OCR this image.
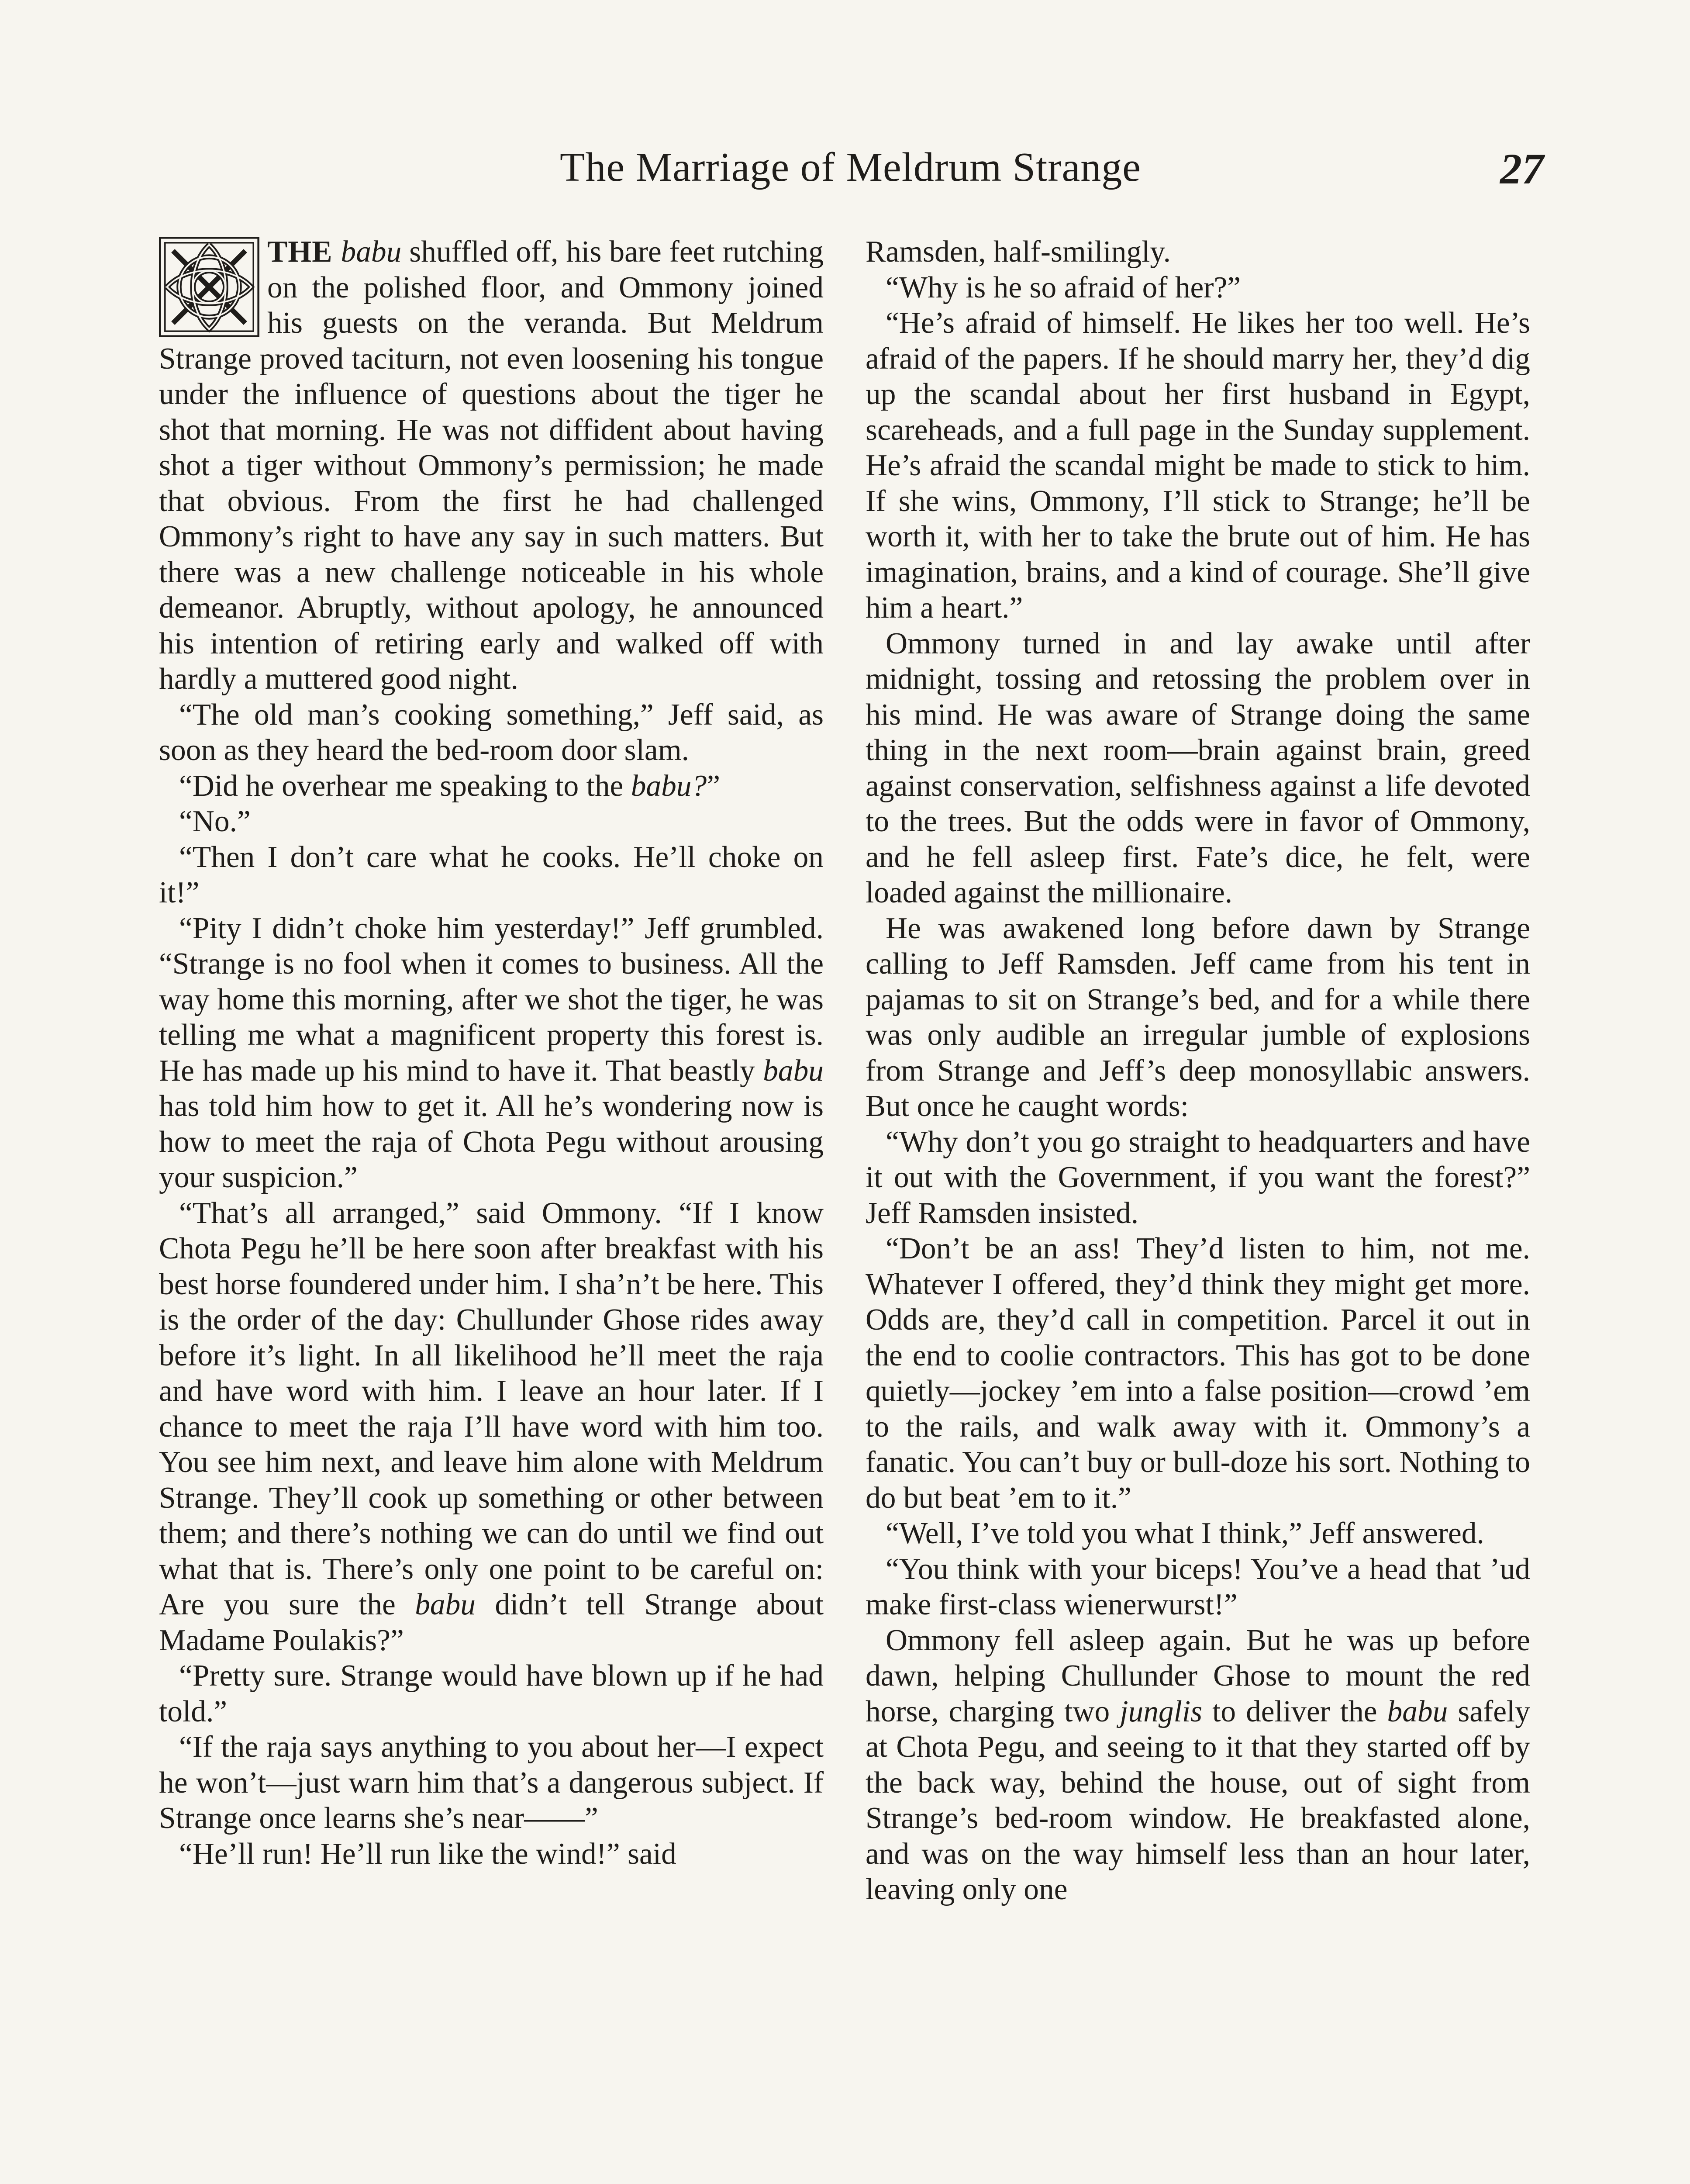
The Marriage of Meldrum Strange	27

THE babu shuffled off, his bare feet rutching on the polished floor, and Ommony joined his guests on the veranda. But Meldrum Strange proved taciturn, not even loosening his tongue under the influence of questions about the tiger he shot that morning. He was not diffident about having shot a tiger without Ommony’s permission; he made that obvious. From the first he had challenged Ommony’s right to have any say in such matters. But there was a new challenge noticeable in his whole demeanor. Abruptly, without apology, he announced his intention of retiring early and walked off with hardly a muttered good night.

“The old man’s cooking something,” Jeff said, as soon as they heard the bed-room door slam.

“Did he overhear me speaking to the babu?”

“No.”

“Then I don’t care what he cooks. He’ll choke on it!”

“Pity I didn’t choke him yesterday!” Jeff grumbled. “Strange is no fool when it comes to business. All the way home this morning, after we shot the tiger, he was telling me what a magnificent property this forest is. He has made up his mind to have it. That beastly babu has told him how to get it. All he’s wondering now is how to meet the raja of Chota Pegu without arousing your suspicion.”

“That’s all arranged,” said Ommony. “If I know Chota Pegu he’ll be here soon after breakfast with his best horse foundered under him. I sha’n’t be here. This is the order of the day: Chullunder Ghose rides away before it’s light. In all likelihood he’ll meet the raja and have word with him. I leave an hour later. If I chance to meet the raja I’ll have word with him too. You see him next, and leave him alone with Meldrum Strange. They’ll cook up something or other between them; and there’s nothing we can do until we find out what that is. There’s only one point to be careful on: Are you sure the babu didn’t tell Strange about Madame Poulakis?”

“Pretty sure. Strange would have blown up if he had told.”

“If the raja says anything to you about her—I expect he won’t—just warn him that’s a dangerous subject. If Strange once learns she’s near——”

“He’ll run! He’ll run like the wind!” said

Ramsden, half-smilingly.

“Why is he so afraid of her?”

“He’s afraid of himself. He likes her too well. He’s afraid of the papers. If he should marry her, they’d dig up the scandal about her first husband in Egypt, scareheads, and a full page in the Sunday supplement. He’s afraid the scandal might be made to stick to him. If she wins, Ommony, I’ll stick to Strange; he’ll be worth it, with her to take the brute out of him. He has imagination, brains, and a kind of courage. She’ll give him a heart.”

Ommony turned in and lay awake until after midnight, tossing and retossing the problem over in his mind. He was aware of Strange doing the same thing in the next room—brain against brain, greed against conservation, selfishness against a life devoted to the trees. But the odds were in favor of Ommony, and he fell asleep first. Fate’s dice, he felt, were loaded against the millionaire.

He was awakened long before dawn by Strange calling to Jeff Ramsden. Jeff came from his tent in pajamas to sit on Strange’s bed, and for a while there was only audible an irregular jumble of explosions from Strange and Jeff’s deep monosyllabic answers. But once he caught words:

“Why don’t you go straight to headquarters and have it out with the Government, if you want the forest?” Jeff Ramsden insisted.

“Don’t be an ass! They’d listen to him, not me. Whatever I offered, they’d think they might get more. Odds are, they’d call in competition. Parcel it out in the end to coolie contractors. This has got to be done quietly—jockey ’em into a false position—crowd ’em to the rails, and walk away with it. Ommony’s a fanatic. You can’t buy or bull-doze his sort. Nothing to do but beat ’em to it.”

“Well, I’ve told you what I think,” Jeff answered.

“You think with your biceps! You’ve a head that ’ud make first-class wienerwurst!”

Ommony fell asleep again. But he was up before dawn, helping Chullunder Ghose to mount the red horse, charging two junglis to deliver the babu safely at Chota Pegu, and seeing to it that they started off by the back way, behind the house, out of sight from Strange’s bed-room window. He breakfasted alone, and was on the way himself less than an hour later, leaving only one
